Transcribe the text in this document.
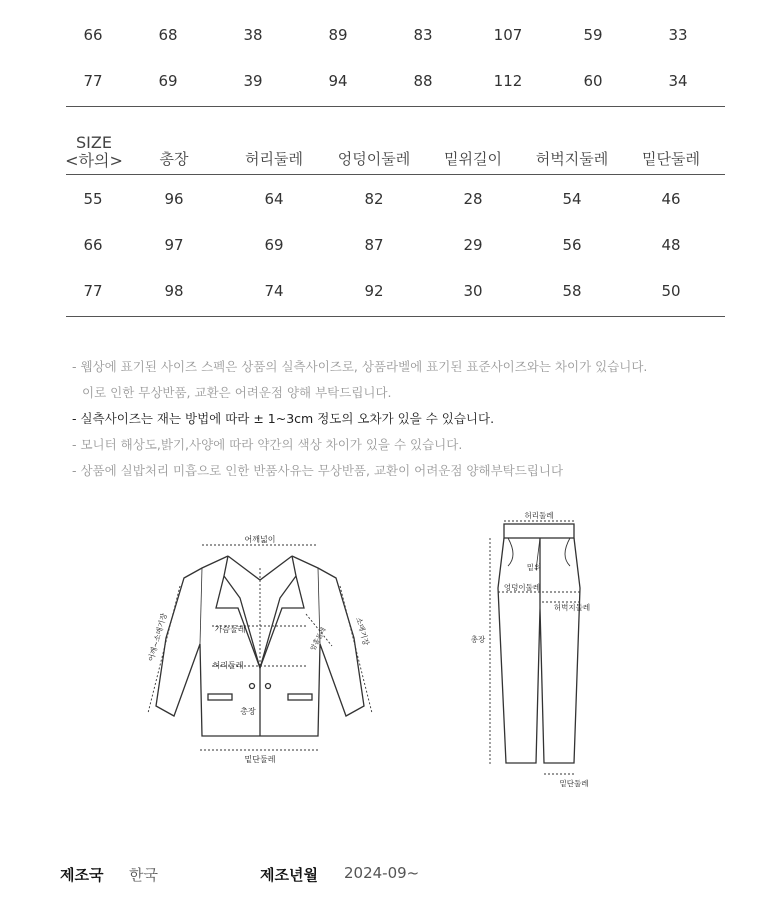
66	68	38	89	83	107	59	33
77	69	39	94	88	112	60	34
SIZE
<하의> 총장	허리둘레 엉덩이둘레 밑위길이 허벅지둘레 밑단둘레
55	96	64	82	28	54	46
66	97	69	87	29	56	48
77	98	74	92	30	58	50
- 웹상에 표기된 사이즈 스펙은 상품의 실측사이즈로, 상품라벨에 표기된 표준사이즈와는 차이가 있습니다.
이로 인한 무상반품, 교환은 어려운점 양해 부탁드립니다.
- 실측사이즈는 재는 방법에 따라 ± 1~3cm 정도의 오차가 있을 수 있습니다.
- 모니터 해상도,밝기,사양에 따라 약간의 색상 차이가 있을 수 있습니다.
- 상품에 실밥처리 미흡으로 인한 반품사유는 무상반품, 교환이 어려운점 양해부탁드립니다
어깨넓이
가슴둘레
허리둘레
총장
밑단둘레
어깨~소매기장	소매기장
암홀둘레
허리둘레
밑위
엉덩이둘레
허벅지둘레
총장
밑단둘레
제조국 한국	제조년월 2024-09~
